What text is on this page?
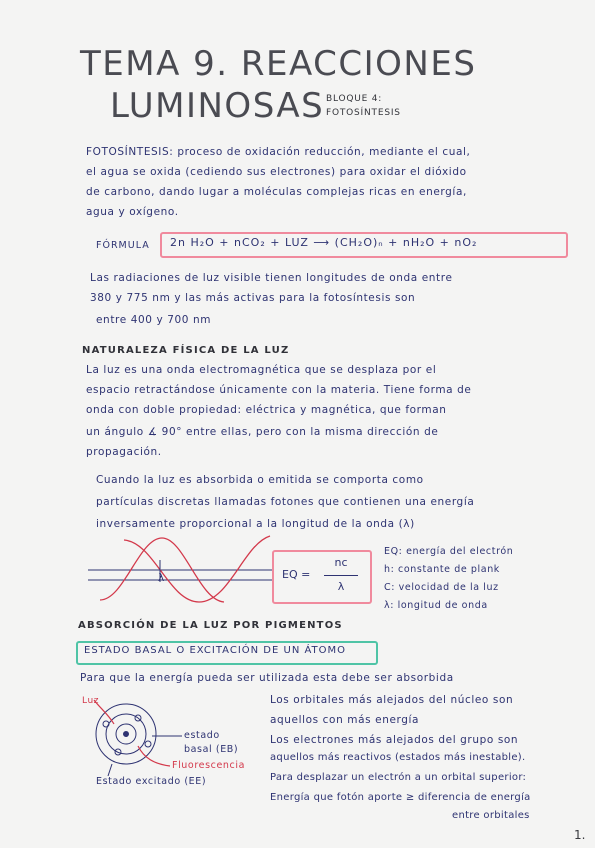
TEMA 9. REACCIONES
LUMINOSAS BLOQUE 4:
FOTOSÍNTESIS
FOTOSÍNTESIS: proceso de oxidación reducción, mediante el cual,
el agua se oxida (cediendo sus electrones) para oxidar el dióxido
de carbono, dando lugar a moléculas complejas ricas en energía,
agua y oxígeno.
FÓRMULA 2n H₂O + nCO₂ + LUZ ⟶ (CH₂O)ₙ + nH₂O + nO₂
Las radiaciones de luz visible tienen longitudes de onda entre
380 y 775 nm y las más activas para la fotosíntesis son
entre 400 y 700 nm
NATURALEZA FÍSICA DE LA LUZ
La luz es una onda electromagnética que se desplaza por el
espacio retractándose únicamente con la materia. Tiene forma de
onda con doble propiedad: eléctrica y magnética, que forman
un ángulo ∡ 90° entre ellas, pero con la misma dirección de
propagación.
Cuando la luz es absorbida o emitida se comporta como
partículas discretas llamadas fotones que contienen una energía
inversamente proporcional a la longitud de la onda (λ)
λ	EQ =
nc
λ
EQ: energía del electrón
h: constante de plank
C: velocidad de la luz
λ: longitud de onda
ABSORCIÓN DE LA LUZ POR PIGMENTOS
ESTADO BASAL O EXCITACIÓN DE UN ÁTOMO
Para que la energía pueda ser utilizada esta debe ser absorbida
Luz
estado
basal (EB)
Fluorescencia
Estado excitado (EE)
Los orbitales más alejados del núcleo son
aquellos con más energía
Los electrones más alejados del grupo son
aquellos más reactivos (estados más inestable).
Para desplazar un electrón a un orbital superior:
Energía que fotón aporte ≥ diferencia de energía
entre orbitales
1.
